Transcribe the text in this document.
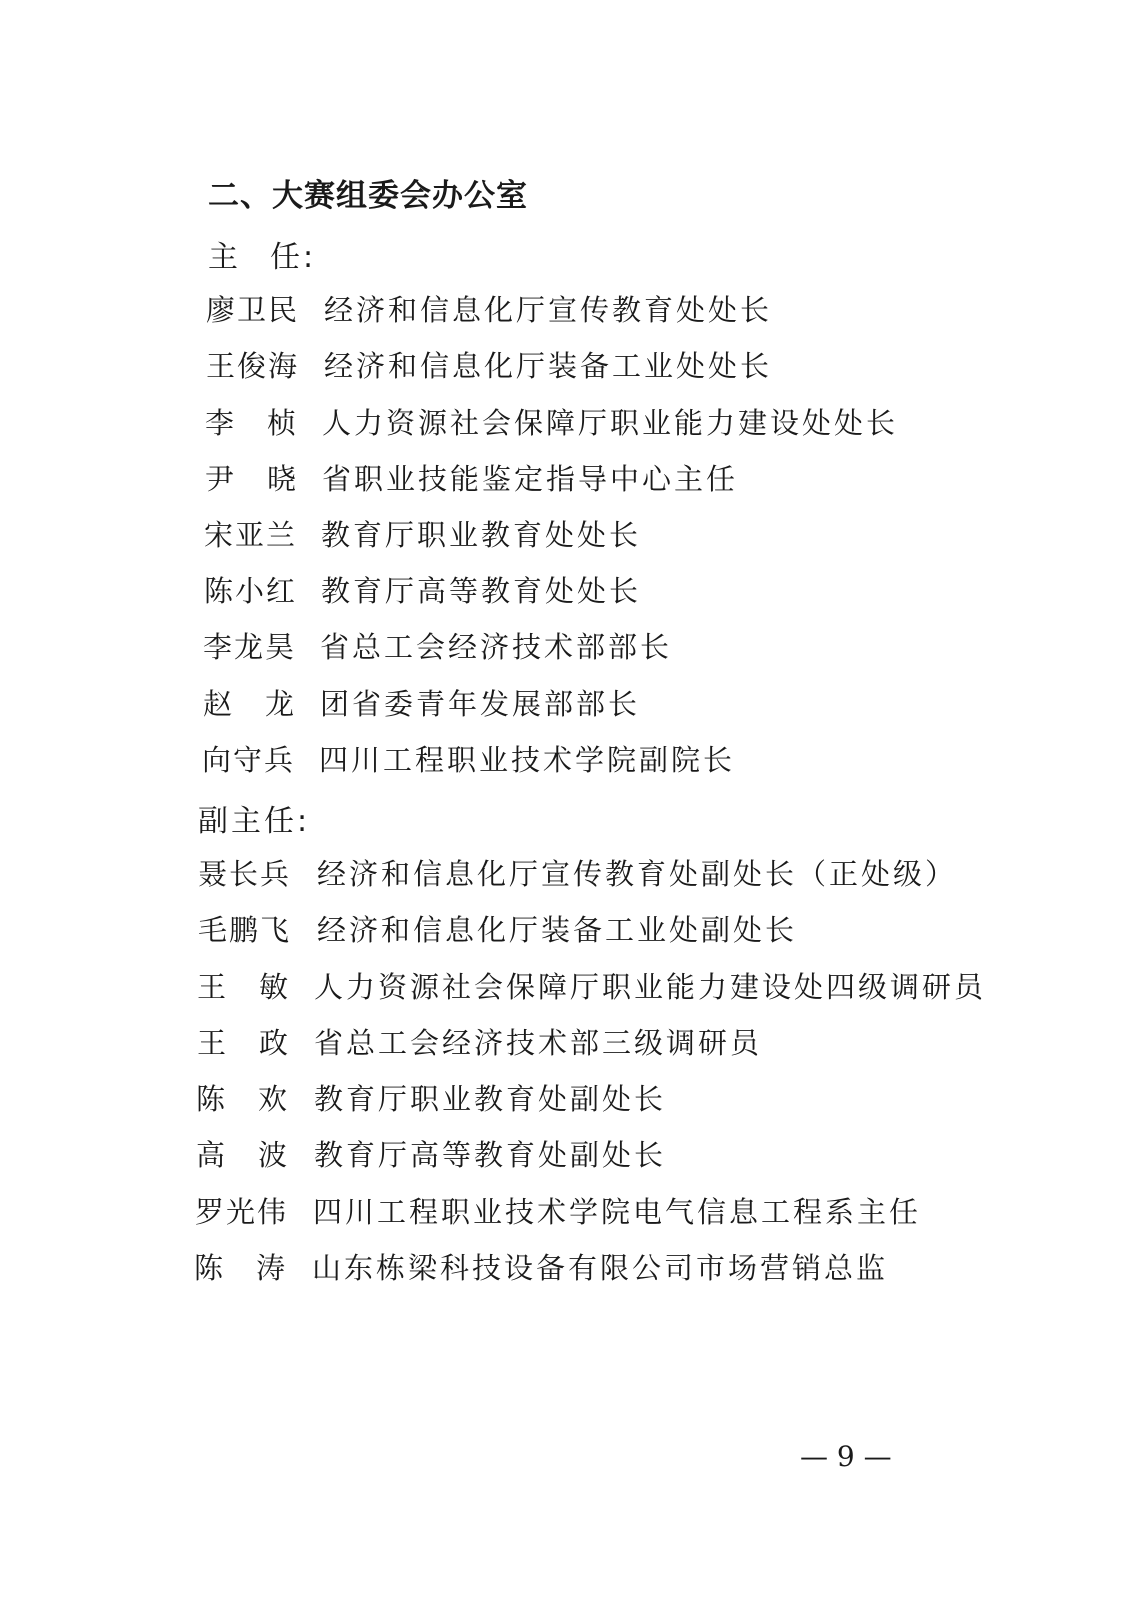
二、大赛组委会办公室

主 任:

廖卫民 经济和信息化厅宣传教育处处长
王俊海 经济和信息化厅装备工业处处长
李　桢 人力资源社会保障厅职业能力建设处处长
尹　晓 省职业技能鉴定指导中心主任
宋亚兰 教育厅职业教育处处长
陈小红 教育厅高等教育处处长
李龙昊 省总工会经济技术部部长
赵　龙 团省委青年发展部部长
向守兵 四川工程职业技术学院副院长

副主任:

聂长兵 经济和信息化厅宣传教育处副处长（正处级）
毛鹏飞 经济和信息化厅装备工业处副处长
王　敏 人力资源社会保障厅职业能力建设处四级调研员
王　政 省总工会经济技术部三级调研员
陈　欢 教育厅职业教育处副处长
高　波 教育厅高等教育处副处长
罗光伟 四川工程职业技术学院电气信息工程系主任
陈　涛 山东栋梁科技设备有限公司市场营销总监
— 9 —
